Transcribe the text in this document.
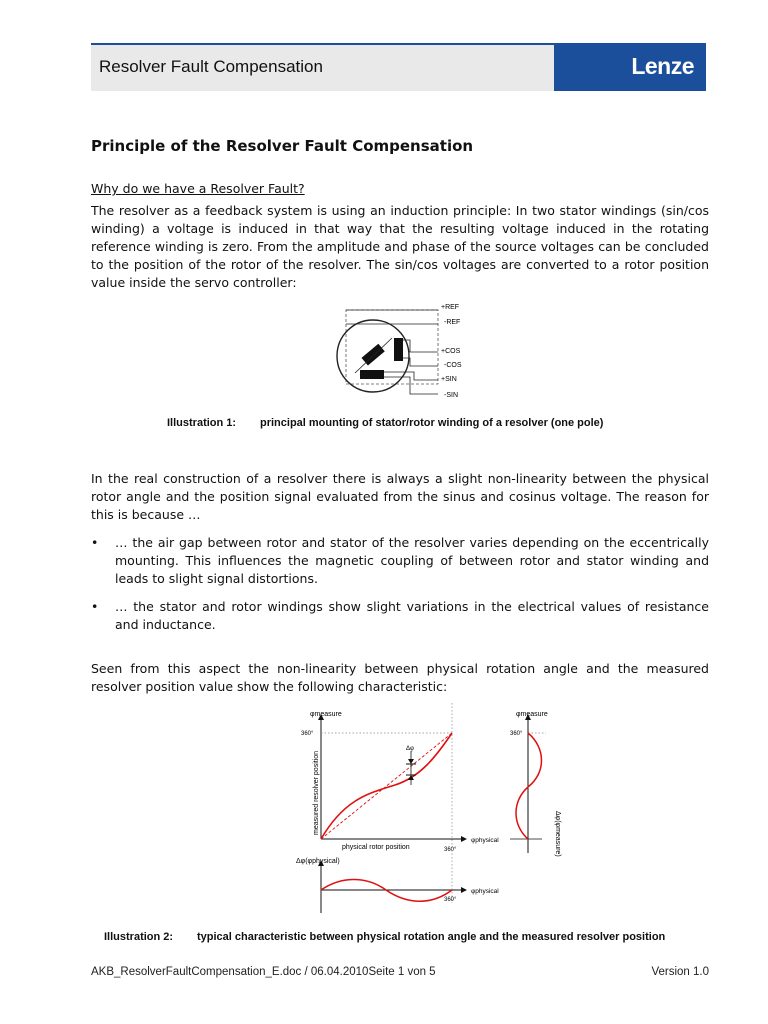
Resolver Fault Compensation	Lenze
Principle of the Resolver Fault Compensation
Why do we have a Resolver Fault?

The resolver as a feedback system is using an induction principle: In two stator windings (sin/cos winding) a voltage is induced in that way that the resulting voltage induced in the rotating reference winding is zero. From the amplitude and phase of the source voltages can be concluded to the position of the rotor of the resolver. The sin/cos voltages are converted to a rotor position value inside the servo controller:

+REF
-REF
+COS
-COS
+SIN
-SIN
Illustration 1: principal mounting of stator/rotor winding of a resolver (one pole)

In the real construction of a resolver there is always a slight non-linearity between the physical rotor angle and the position signal evaluated from the sinus and cosinus voltage. The reason for this is because …

• … the air gap between rotor and stator of the resolver varies depending on the eccentrically mounting. This influences the magnetic coupling of between rotor and stator winding and leads to slight signal distortions.
• … the stator and rotor windings show slight variations in the electrical values of resistance and inductance.

Seen from this aspect the non-linearity between physical rotation angle and the measured resolver position value show the following characteristic:

φmeasure
φphysical
360°
360°
Δφ
measured resolver position
physical rotor position
Δφ(φphysical)
φphysical
360°
φmeasure
360°
Δφ(φmeasure)
Illustration 2: typical characteristic between physical rotation angle and the measured resolver position
AKB_ResolverFaultCompensation_E.doc / 06.04.2010Seite 1 von 5	Version 1.0
